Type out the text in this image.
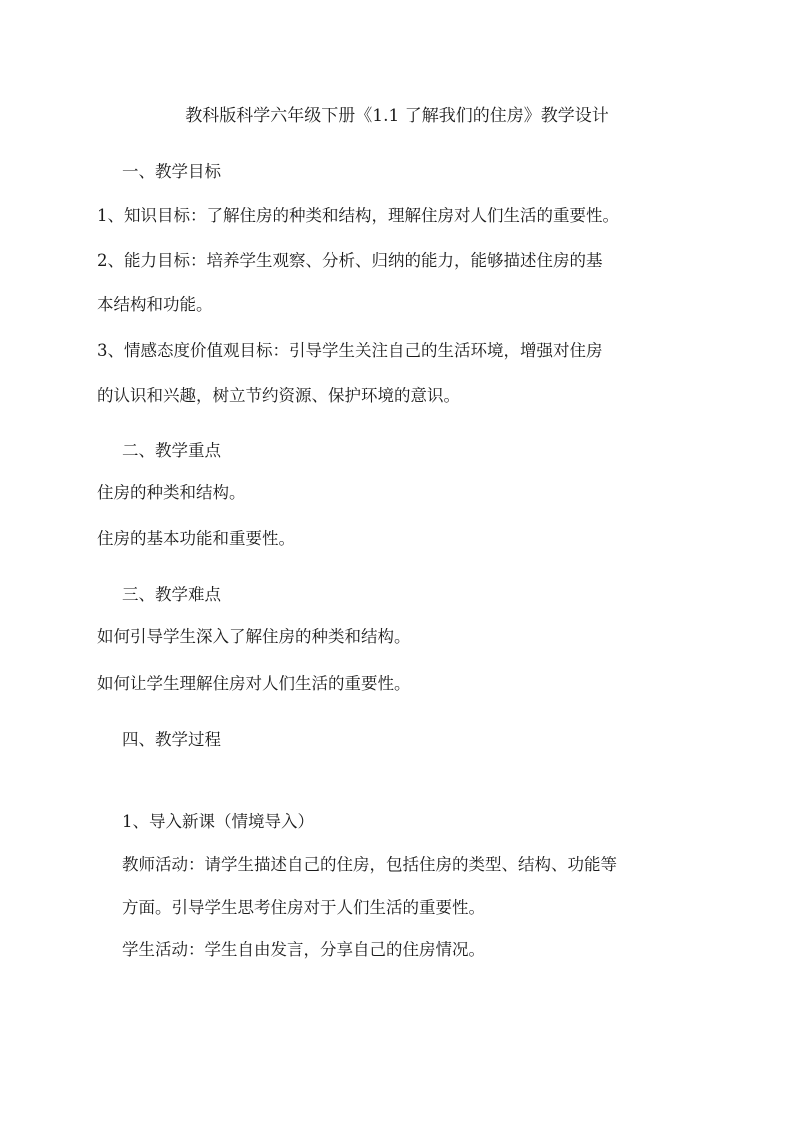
教科版科学六年级下册《1.1 了解我们的住房》教学设计
一、教学目标
1、知识目标：了解住房的种类和结构，理解住房对人们生活的重要性。
2、能力目标：培养学生观察、分析、归纳的能力，能够描述住房的基
本结构和功能。
3、情感态度价值观目标：引导学生关注自己的生活环境，增强对住房
的认识和兴趣，树立节约资源、保护环境的意识。
二、教学重点
住房的种类和结构。
住房的基本功能和重要性。
三、教学难点
如何引导学生深入了解住房的种类和结构。
如何让学生理解住房对人们生活的重要性。
四、教学过程
1、导入新课（情境导入）
教师活动：请学生描述自己的住房，包括住房的类型、结构、功能等
方面。引导学生思考住房对于人们生活的重要性。
学生活动：学生自由发言，分享自己的住房情况。
